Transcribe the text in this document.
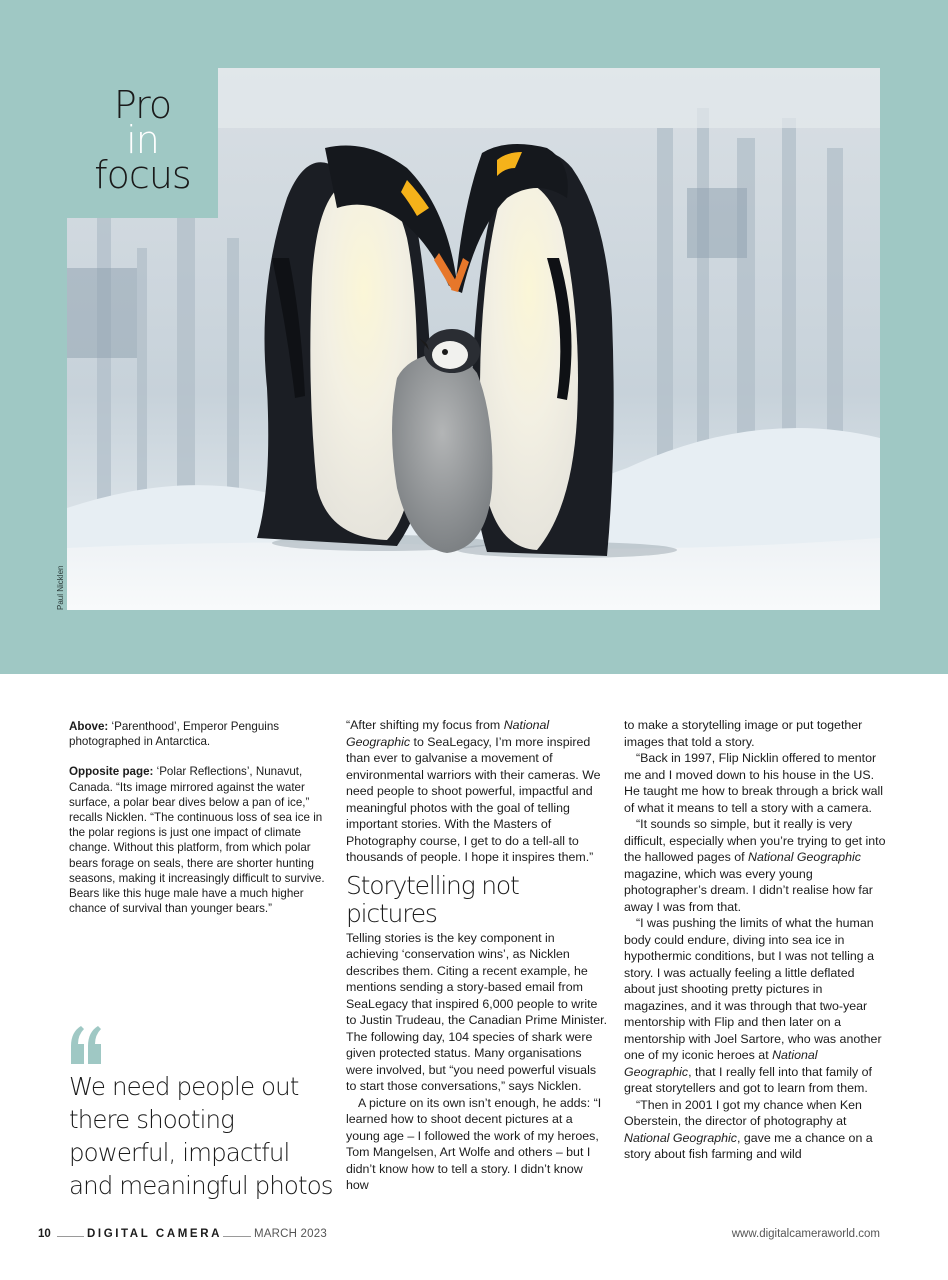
Pro
in
focus
Paul Nicklen

Above: ‘Parenthood’, Emperor Penguins photographed in Antarctica.

Opposite page: ‘Polar Reflections’, Nunavut, Canada. “Its image mirrored against the water surface, a polar bear dives below a pan of ice,” recalls Nicklen. “The continuous loss of sea ice in the polar regions is just one impact of climate change. Without this platform, from which polar bears forage on seals, there are shorter hunting seasons, making it increasingly difficult to survive. Bears like this huge male have a much higher chance of survival than younger bears.”

We need people out there shooting powerful, impactful and meaningful photos

“After shifting my focus from National Geographic to SeaLegacy, I’m more inspired than ever to galvanise a movement of environmental warriors with their cameras. We need people to shoot powerful, impactful and meaningful photos with the goal of telling important stories. With the Masters of Photography course, I get to do a tell-all to thousands of people. I hope it inspires them.”

Storytelling not pictures

Telling stories is the key component in achieving ‘conservation wins’, as Nicklen describes them. Citing a recent example, he mentions sending a story-based email from SeaLegacy that inspired 6,000 people to write to Justin Trudeau, the Canadian Prime Minister. The following day, 104 species of shark were given protected status. Many organisations were involved, but “you need powerful visuals to start those conversations,” says Nicklen.

A picture on its own isn’t enough, he adds: “I learned how to shoot decent pictures at a young age – I followed the work of my heroes, Tom Mangelsen, Art Wolfe and others – but I didn’t know how to tell a story. I didn’t know how

to make a storytelling image or put together images that told a story.

“Back in 1997, Flip Nicklin offered to mentor me and I moved down to his house in the US. He taught me how to break through a brick wall of what it means to tell a story with a camera.

“It sounds so simple, but it really is very difficult, especially when you’re trying to get into the hallowed pages of National Geographic magazine, which was every young photographer’s dream. I didn’t realise how far away I was from that.

“I was pushing the limits of what the human body could endure, diving into sea ice in hypothermic conditions, but I was not telling a story. I was actually feeling a little deflated about just shooting pretty pictures in magazines, and it was through that two-year mentorship with Flip and then later on a mentorship with Joel Sartore, who was another one of my iconic heroes at National Geographic, that I really fell into that family of great storytellers and got to learn from them.

“Then in 2001 I got my chance when Ken Oberstein, the director of photography at National Geographic, gave me a chance on a story about fish farming and wild

10	DIGITAL CAMERA	MARCH 2023	www.digitalcameraworld.com
